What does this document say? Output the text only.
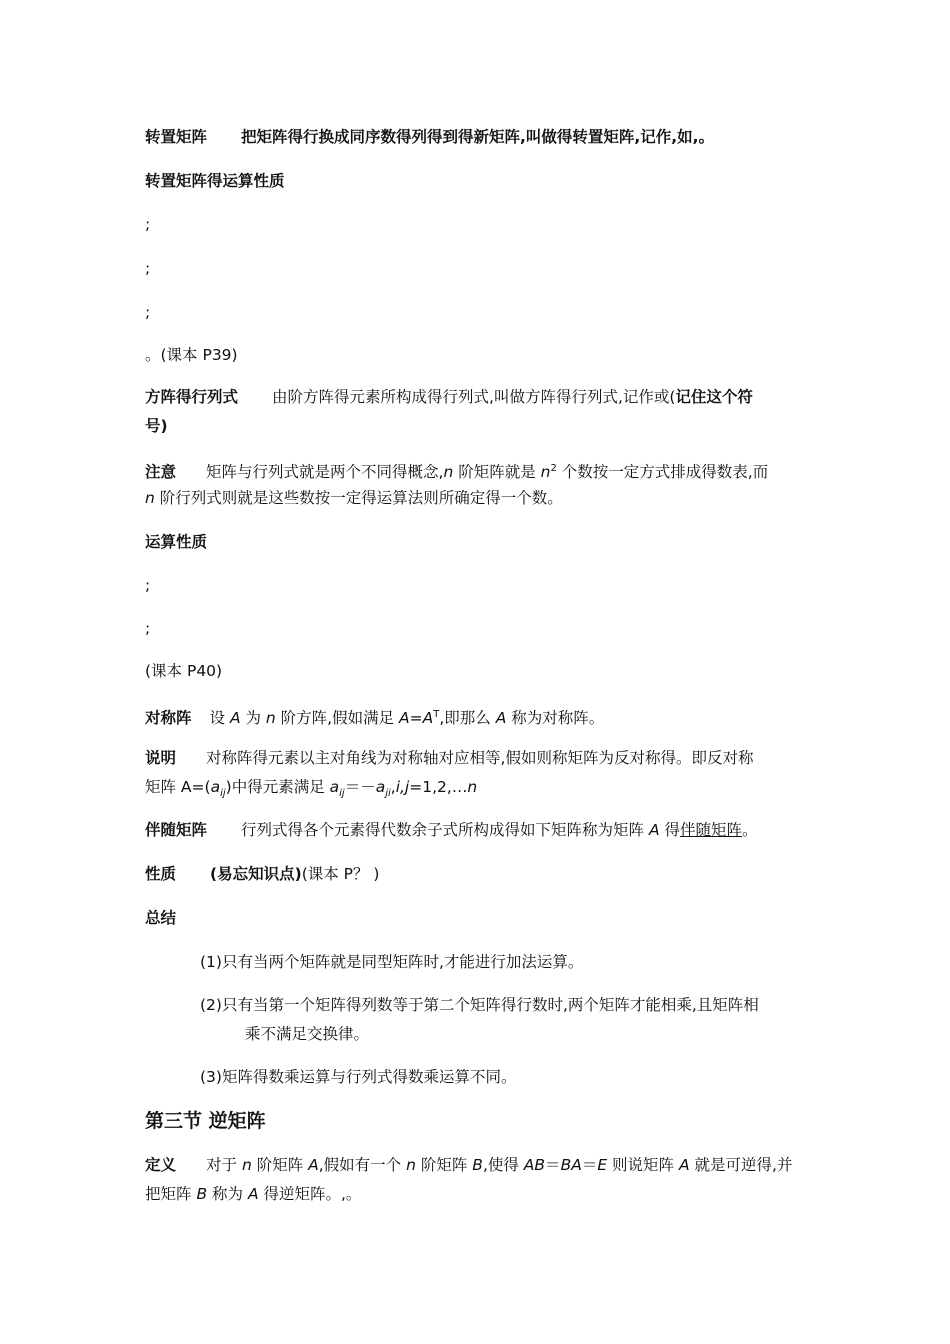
转置矩阵 把矩阵得行换成同序数得列得到得新矩阵,叫做得转置矩阵,记作,如,。
转置矩阵得运算性质
;
;
;
。(课本 P39)
方阵得行列式 由阶方阵得元素所构成得行列式,叫做方阵得行列式,记作或(记住这个符
号)
注意 矩阵与行列式就是两个不同得概念,n 阶矩阵就是 $n^2$ 个数按一定方式排成得数表,而
n 阶行列式则就是这些数按一定得运算法则所确定得一个数。
运算性质
;
;
(课本 P40)
对称阵 设 A 为 n 阶方阵,假如满足 $A=A^T$,即那么 A 称为对称阵。
说明 对称阵得元素以主对角线为对称轴对应相等,假如则称矩阵为反对称得。即反对称
矩阵 $A=(a_{ij})$中得元素满足 $a_{ij}=-a_{ji},i,j=1,2,\dots n$
伴随矩阵 行列式得各个元素得代数余子式所构成得如下矩阵称为矩阵 A 得伴随矩阵。
性质 (易忘知识点)(课本 P？ )
总结
(1)只有当两个矩阵就是同型矩阵时,才能进行加法运算。
(2)只有当第一个矩阵得列数等于第二个矩阵得行数时,两个矩阵才能相乘,且矩阵相
乘不满足交换律。
(3)矩阵得数乘运算与行列式得数乘运算不同。
第三节 逆矩阵
定义 对于 n 阶矩阵 A,假如有一个 n 阶矩阵 B,使得 AB＝BA＝E 则说矩阵 A 就是可逆得,并
把矩阵 B 称为 A 得逆矩阵。,。
